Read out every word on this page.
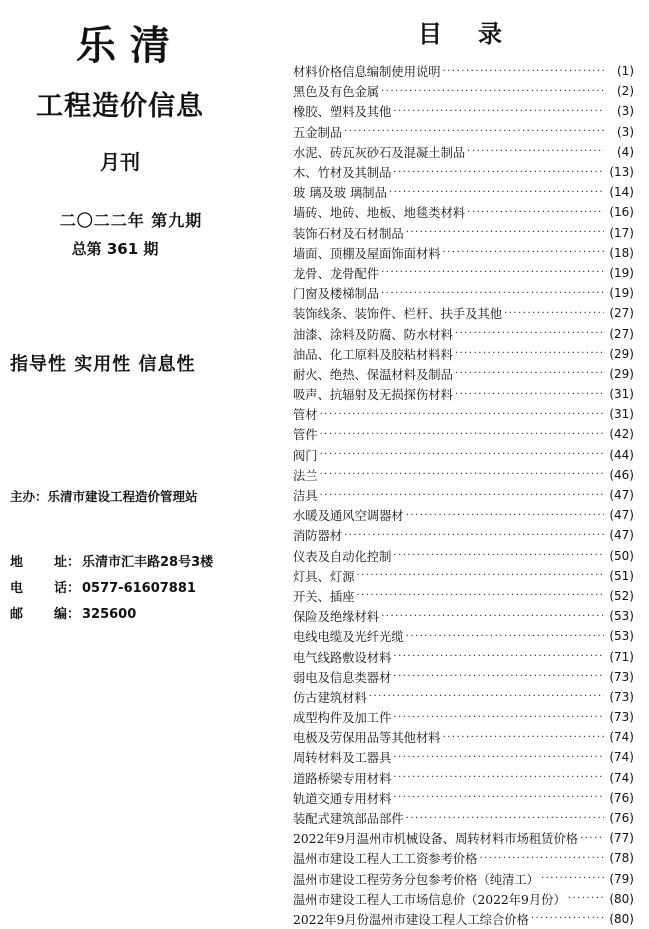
乐清
工程造价信息
月刊
二〇二二年 第九期
总第 361 期
指导性 实用性 信息性
主办：乐清市建设工程造价管理站
地 址： 乐清市汇丰路28号3楼
电 话： 0577-61607881
邮 编： 325600
目录
材料价格信息编制使用说明 ·····	(1)
黑色及有色金属 ·····	(2)
橡胶、塑料及其他 ·····	(3)
五金制品 ·····	(3)
水泥、砖瓦灰砂石及混凝土制品 ·····	(4)
木、竹材及其制品 ·····	(13)
玻 璃及玻 璃制品 ·····	(14)
墙砖、地砖、地板、地毯类材料 ·····	(16)
装饰石材及石材制品 ·····	(17)
墙面、顶棚及屋面饰面材料 ·····	(18)
龙骨、龙骨配件 ·····	(19)
门窗及楼梯制品 ·····	(19)
装饰线条、装饰件、栏杆、扶手及其他 ·····	(27)
油漆、涂料及防腐、防水材料 ·····	(27)
油品、化工原料及胶粘材料料 ·····	(29)
耐火、绝热、保温材料及制品 ·····	(29)
吸声、抗辐射及无损探伤材料 ·····	(31)
管材 ·····	(31)
管件 ·····	(42)
阀门 ·····	(44)
法兰 ·····	(46)
洁具 ·····	(47)
水暖及通风空调器材 ·····	(47)
消防器材 ·····	(47)
仪表及自动化控制 ·····	(50)
灯具、灯源 ·····	(51)
开关、插座 ·····	(52)
保险及绝缘材料 ·····	(53)
电线电缆及光纤光缆 ·····	(53)
电气线路敷设材料 ·····	(71)
弱电及信息类器材 ·····	(73)
仿古建筑材料 ·····	(73)
成型构件及加工件 ·····	(73)
电极及劳保用品等其他材料 ·····	(74)
周转材料及工器具 ·····	(74)
道路桥梁专用材料 ·····	(74)
轨道交通专用材料 ·····	(76)
装配式建筑部品部件 ·····	(76)
2022年9月温州市机械设备、周转材料市场租赁价格 ·····	(77)
温州市建设工程人工工资参考价格 ·····	(78)
温州市建设工程劳务分包参考价格（纯清工） ·····	(79)
温州市建设工程人工市场信息价（2022年9月份） ·····	(80)
2022年9月份温州市建设工程人工综合价格 ·····	(80)
